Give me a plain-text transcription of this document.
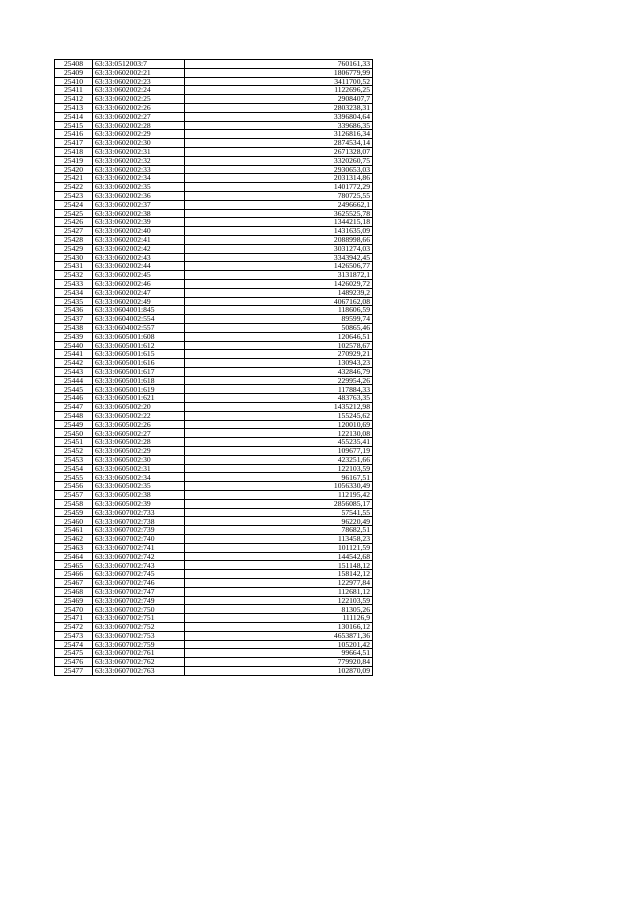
25408	63:33:0512003:7	760161,33
25409	63:33:0602002:21	1806779,99
25410	63:33:0602002:23	3411700,52
25411	63:33:0602002:24	1122696,25
25412	63:33:0602002:25	2908407,7
25413	63:33:0602002:26	2803238,31
25414	63:33:0602002:27	3396804,64
25415	63:33:0602002:28	339686,35
25416	63:33:0602002:29	3126816,34
25417	63:33:0602002:30	2874534,14
25418	63:33:0602002:31	2671328,07
25419	63:33:0602002:32	3320260,75
25420	63:33:0602002:33	2930653,03
25421	63:33:0602002:34	2031314,86
25422	63:33:0602002:35	1401772,29
25423	63:33:0602002:36	780725,55
25424	63:33:0602002:37	2496662,1
25425	63:33:0602002:38	3625525,78
25426	63:33:0602002:39	1344215,18
25427	63:33:0602002:40	1431635,09
25428	63:33:0602002:41	2088998,66
25429	63:33:0602002:42	3031274,03
25430	63:33:0602002:43	3343942,45
25431	63:33:0602002:44	1426506,77
25432	63:33:0602002:45	3131872,1
25433	63:33:0602002:46	1426029,72
25434	63:33:0602002:47	1489239,2
25435	63:33:0602002:49	4067162,08
25436	63:33:0604001:845	118606,59
25437	63:33:0604002:554	89599,74
25438	63:33:0604002:557	50865,46
25439	63:33:0605001:608	120646,51
25440	63:33:0605001:612	102578,67
25441	63:33:0605001:615	270929,21
25442	63:33:0605001:616	130943,23
25443	63:33:0605001:617	432846,79
25444	63:33:0605001:618	229954,26
25445	63:33:0605001:619	117884,33
25446	63:33:0605001:621	483763,35
25447	63:33:0605002:20	1435212,98
25448	63:33:0605002:22	155245,62
25449	63:33:0605002:26	120010,69
25450	63:33:0605002:27	122130,08
25451	63:33:0605002:28	455235,41
25452	63:33:0605002:29	109677,19
25453	63:33:0605002:30	423251,66
25454	63:33:0605002:31	122103,59
25455	63:33:0605002:34	96167,51
25456	63:33:0605002:35	1056330,49
25457	63:33:0605002:38	112195,42
25458	63:33:0605002:39	2856085,17
25459	63:33:0607002:733	57541,55
25460	63:33:0607002:738	96220,49
25461	63:33:0607002:739	78682,51
25462	63:33:0607002:740	113458,23
25463	63:33:0607002:741	101121,59
25464	63:33:0607002:742	144542,68
25465	63:33:0607002:743	151148,12
25466	63:33:0607002:745	158142,12
25467	63:33:0607002:746	122977,84
25468	63:33:0607002:747	112681,12
25469	63:33:0607002:749	122103,59
25470	63:33:0607002:750	81305,26
25471	63:33:0607002:751	111126,9
25472	63:33:0607002:752	130166,12
25473	63:33:0607002:753	4653871,36
25474	63:33:0607002:759	105201,42
25475	63:33:0607002:761	99664,51
25476	63:33:0607002:762	779920,84
25477	63:33:0607002:763	102870,09
